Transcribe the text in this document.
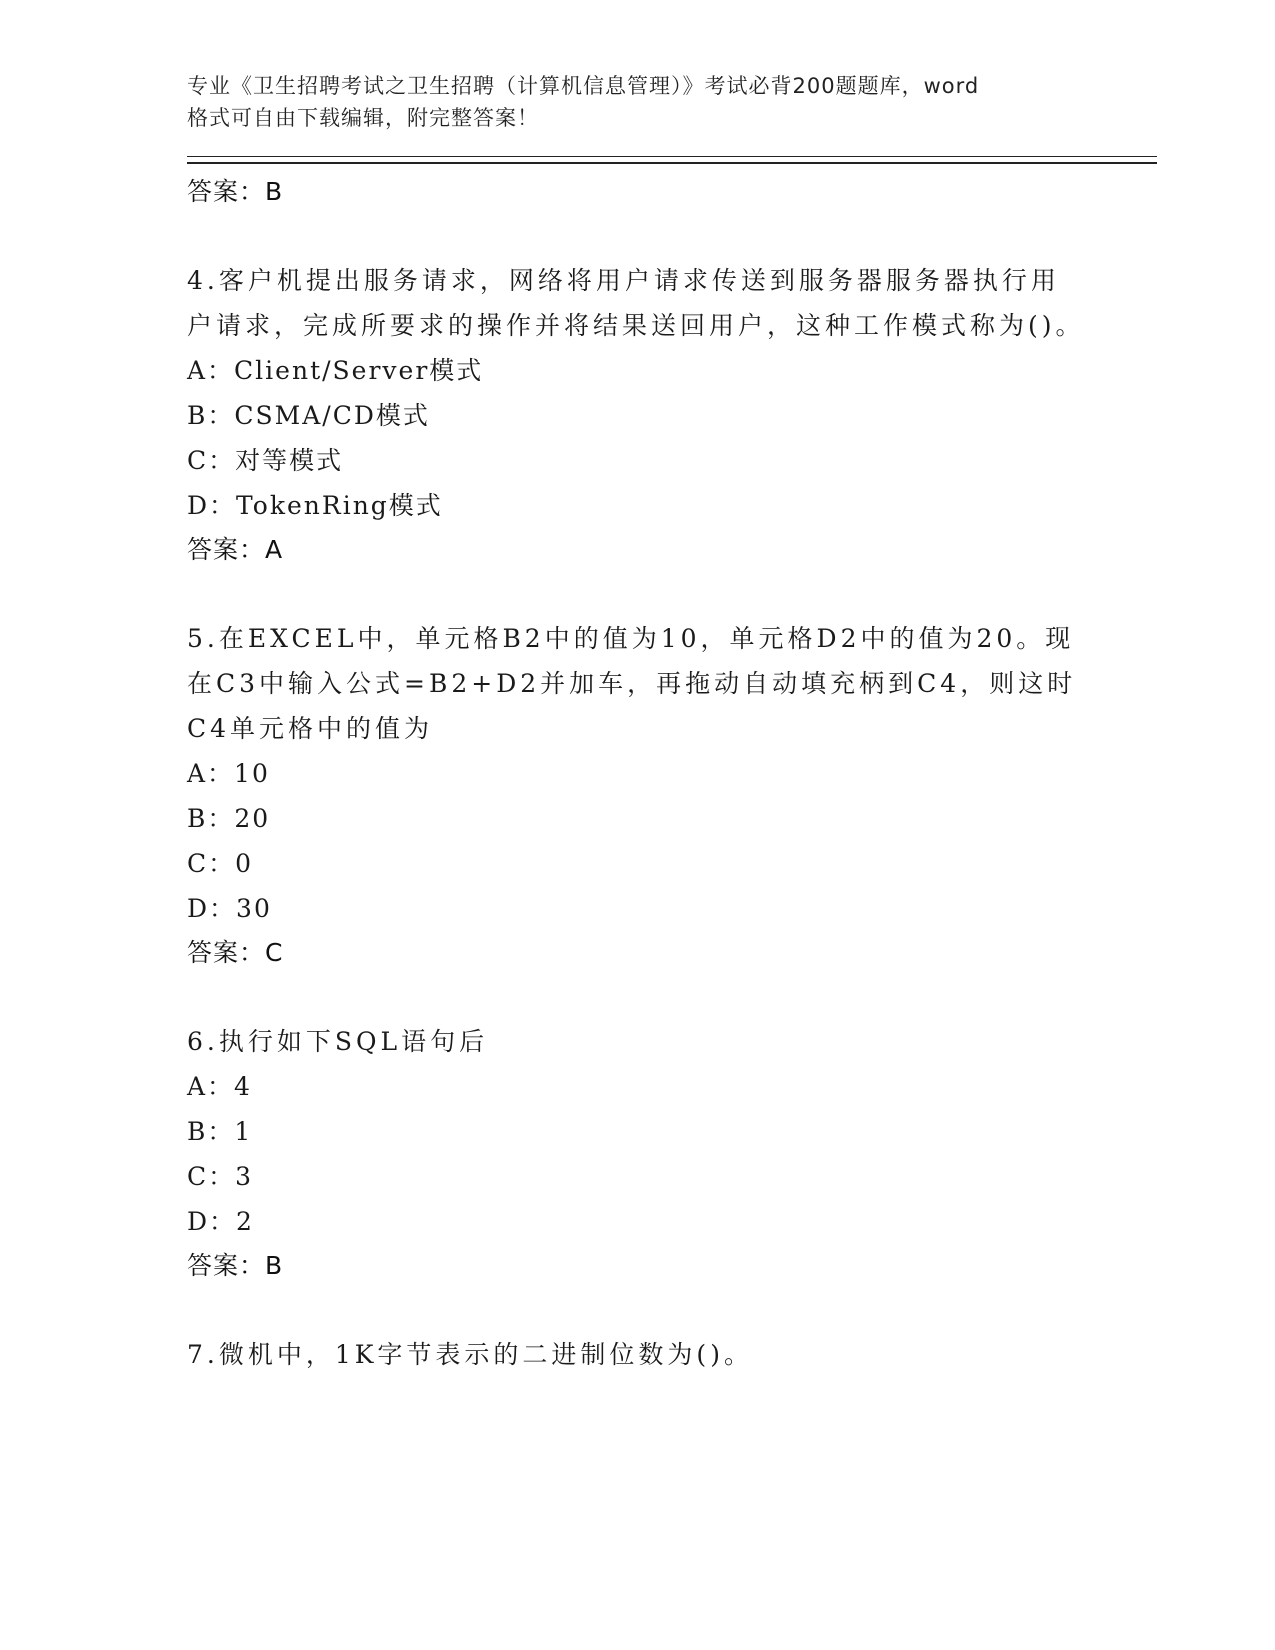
专业《卫生招聘考试之卫生招聘（计算机信息管理）》考试必背200题题库，word
格式可自由下载编辑，附完整答案！
答案：B
4.客户机提出服务请求，网络将用户请求传送到服务器服务器执行用户请求，完成所要求的操作并将结果送回用户，这种工作模式称为()。
A：Client/Server模式
B：CSMA/CD模式
C：对等模式
D：TokenRing模式
答案：A
5.在EXCEL中，单元格B2中的值为10，单元格D2中的值为20。现在C3中输入公式=B2+D2并加车，再拖动自动填充柄到C4，则这时C4单元格中的值为
A：10
B：20
C：0
D：30
答案：C
6.执行如下SQL语句后
A：4
B：1
C：3
D：2
答案：B
7.微机中，1K字节表示的二进制位数为()。
